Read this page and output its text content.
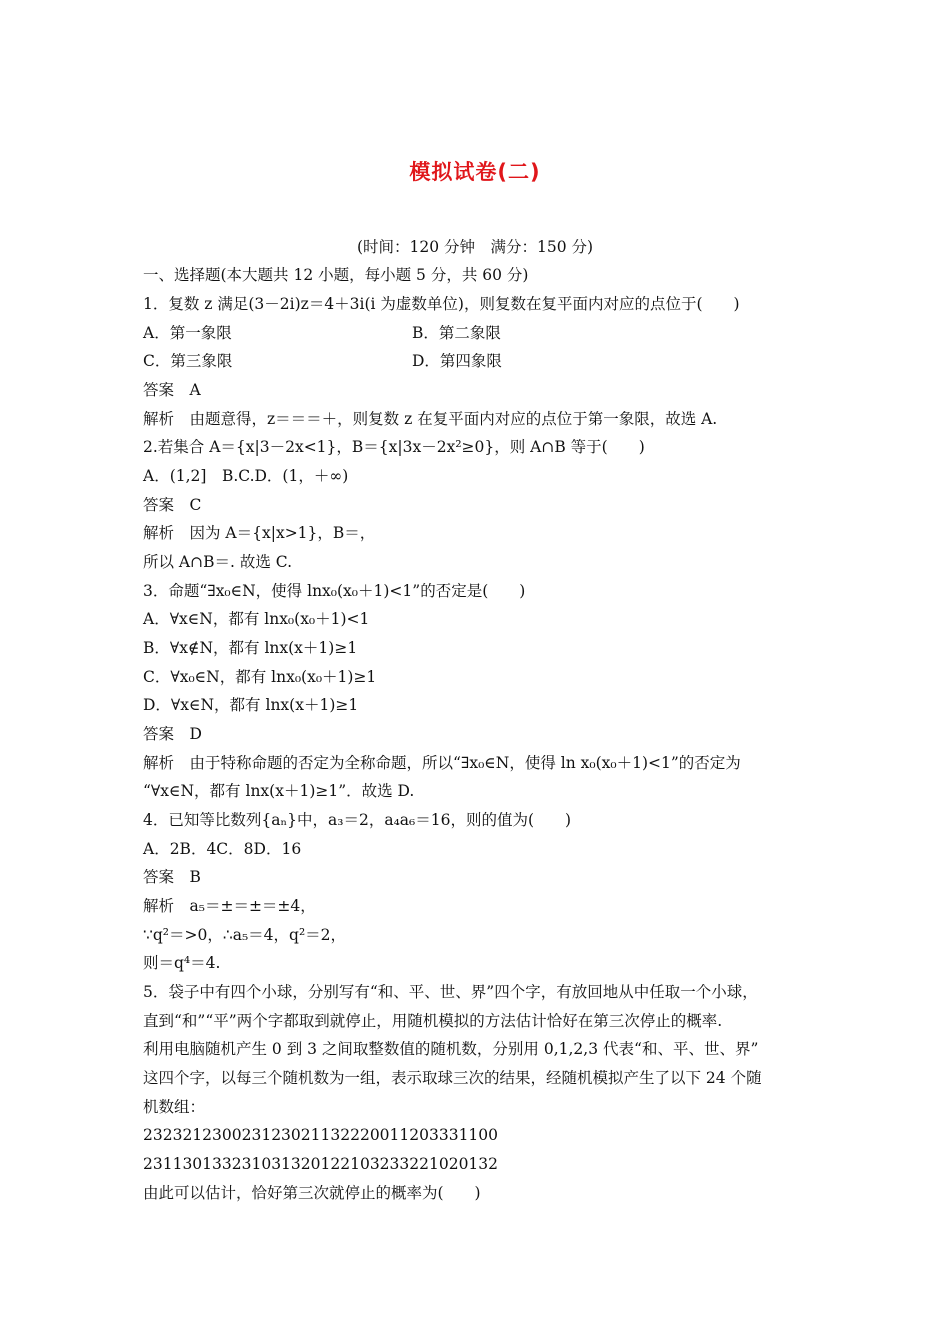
模拟试卷(二)
(时间：120 分钟　满分：150 分)
一、选择题(本大题共 12 小题，每小题 5 分，共 60 分)
1．复数 z 满足(3－2i)z＝4＋3i(i 为虚数单位)，则复数在复平面内对应的点位于(　　)
A．第一象限	B．第二象限
C．第三象限	D．第四象限
答案　A
解析　由题意得，z＝＝＝＋，则复数 z 在复平面内对应的点位于第一象限，故选 A.
2.若集合 A＝{x|3－2x<1}，B＝{x|3x－2x²≥0}，则 A∩B 等于(　　)
A．(1,2]　B.C.D．(1，＋∞)
答案　C
解析　因为 A＝{x|x>1}，B＝，
所以 A∩B＝. 故选 C.
3．命题“∃x₀∈N，使得 lnx₀(x₀＋1)<1”的否定是(　　)
A．∀x∈N，都有 lnx₀(x₀＋1)<1
B．∀x∉N，都有 lnx(x＋1)≥1
C．∀x₀∈N，都有 lnx₀(x₀＋1)≥1
D．∀x∈N，都有 lnx(x＋1)≥1
答案　D
解析　由于特称命题的否定为全称命题，所以“∃x₀∈N，使得 ln x₀(x₀＋1)<1”的否定为
“∀x∈N，都有 lnx(x＋1)≥1”．故选 D.
4．已知等比数列{aₙ}中，a₃＝2，a₄a₆＝16，则的值为(　　)
A．2B．4C．8D．16
答案　B
解析　a₅＝±＝±＝±4，
∵q²＝>0，∴a₅＝4，q²＝2，
则＝q⁴＝4.
5．袋子中有四个小球，分别写有“和、平、世、界”四个字，有放回地从中任取一个小球，
直到“和”“平”两个字都取到就停止，用随机模拟的方法估计恰好在第三次停止的概率.
利用电脑随机产生 0 到 3 之间取整数值的随机数，分别用 0,1,2,3 代表“和、平、世、界”
这四个字，以每三个随机数为一组，表示取球三次的结果，经随机模拟产生了以下 24 个随
机数组：
232321230023123021132220011203331100
231130133231031320122103233221020132
由此可以估计，恰好第三次就停止的概率为(　　)
